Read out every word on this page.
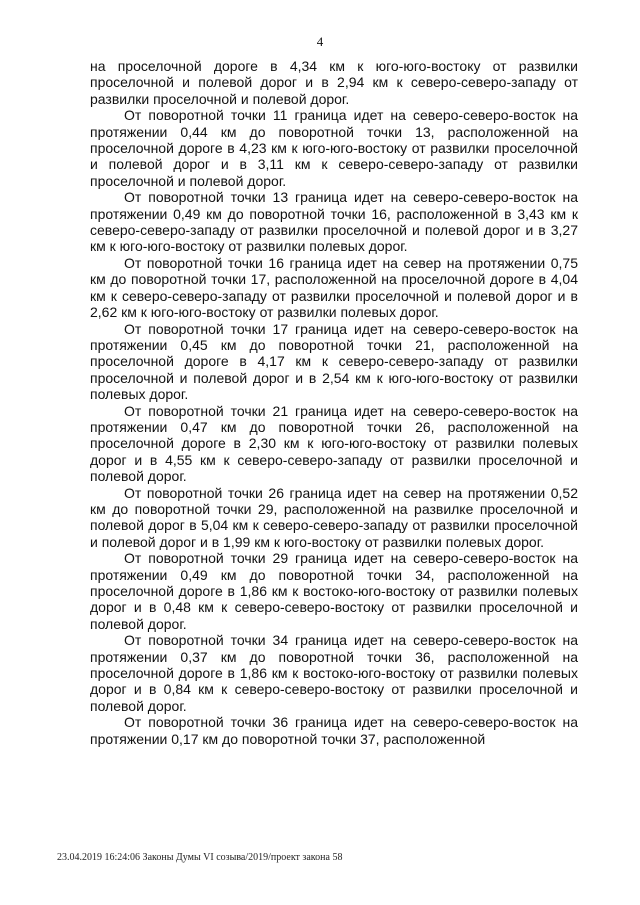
4

на проселочной дороге в 4,34 км к юго-юго-востоку от развилки проселочной и полевой дорог и в 2,94 км к северо-северо-западу от развилки проселочной и полевой дорог.

От поворотной точки 11 граница идет на северо-северо-восток на протяжении 0,44 км до поворотной точки 13, расположенной на проселочной дороге в 4,23 км к юго-юго-востоку от развилки проселочной и полевой дорог и в 3,11 км к северо-северо-западу от развилки проселочной и полевой дорог.

От поворотной точки 13 граница идет на северо-северо-восток на протяжении 0,49 км до поворотной точки 16, расположенной в 3,43 км к северо-северо-западу от развилки проселочной и полевой дорог и в 3,27 км к юго-юго-востоку от развилки полевых дорог.

От поворотной точки 16 граница идет на север на протяжении 0,75 км до поворотной точки 17, расположенной на проселочной дороге в 4,04 км к северо-северо-западу от развилки проселочной и полевой дорог и в 2,62 км к юго-юго-востоку от развилки полевых дорог.

От поворотной точки 17 граница идет на северо-северо-восток на протяжении 0,45 км до поворотной точки 21, расположенной на проселочной дороге в 4,17 км к северо-северо-западу от развилки проселочной и полевой дорог и в 2,54 км к юго-юго-востоку от развилки полевых дорог.

От поворотной точки 21 граница идет на северо-северо-восток на протяжении 0,47 км до поворотной точки 26, расположенной на проселочной дороге в 2,30 км к юго-юго-востоку от развилки полевых дорог и в 4,55 км к северо-северо-западу от развилки проселочной и полевой дорог.

От поворотной точки 26 граница идет на север на протяжении 0,52 км до поворотной точки 29, расположенной на развилке проселочной и полевой дорог в 5,04 км к северо-северо-западу от развилки проселочной и полевой дорог и в 1,99 км к юго-востоку от развилки полевых дорог.

От поворотной точки 29 граница идет на северо-северо-восток на протяжении 0,49 км до поворотной точки 34, расположенной на проселочной дороге в 1,86 км к востоко-юго-востоку от развилки полевых дорог и в 0,48 км к северо-северо-востоку от развилки проселочной и полевой дорог.

От поворотной точки 34 граница идет на северо-северо-восток на протяжении 0,37 км до поворотной точки 36, расположенной на проселочной дороге в 1,86 км к востоко-юго-востоку от развилки полевых дорог и в 0,84 км к северо-северо-востоку от развилки проселочной и полевой дорог.

От поворотной точки 36 граница идет на северо-северо-восток на протяжении 0,17 км до поворотной точки 37, расположенной

23.04.2019 16:24:06 Законы Думы VI созыва/2019/проект закона 58
